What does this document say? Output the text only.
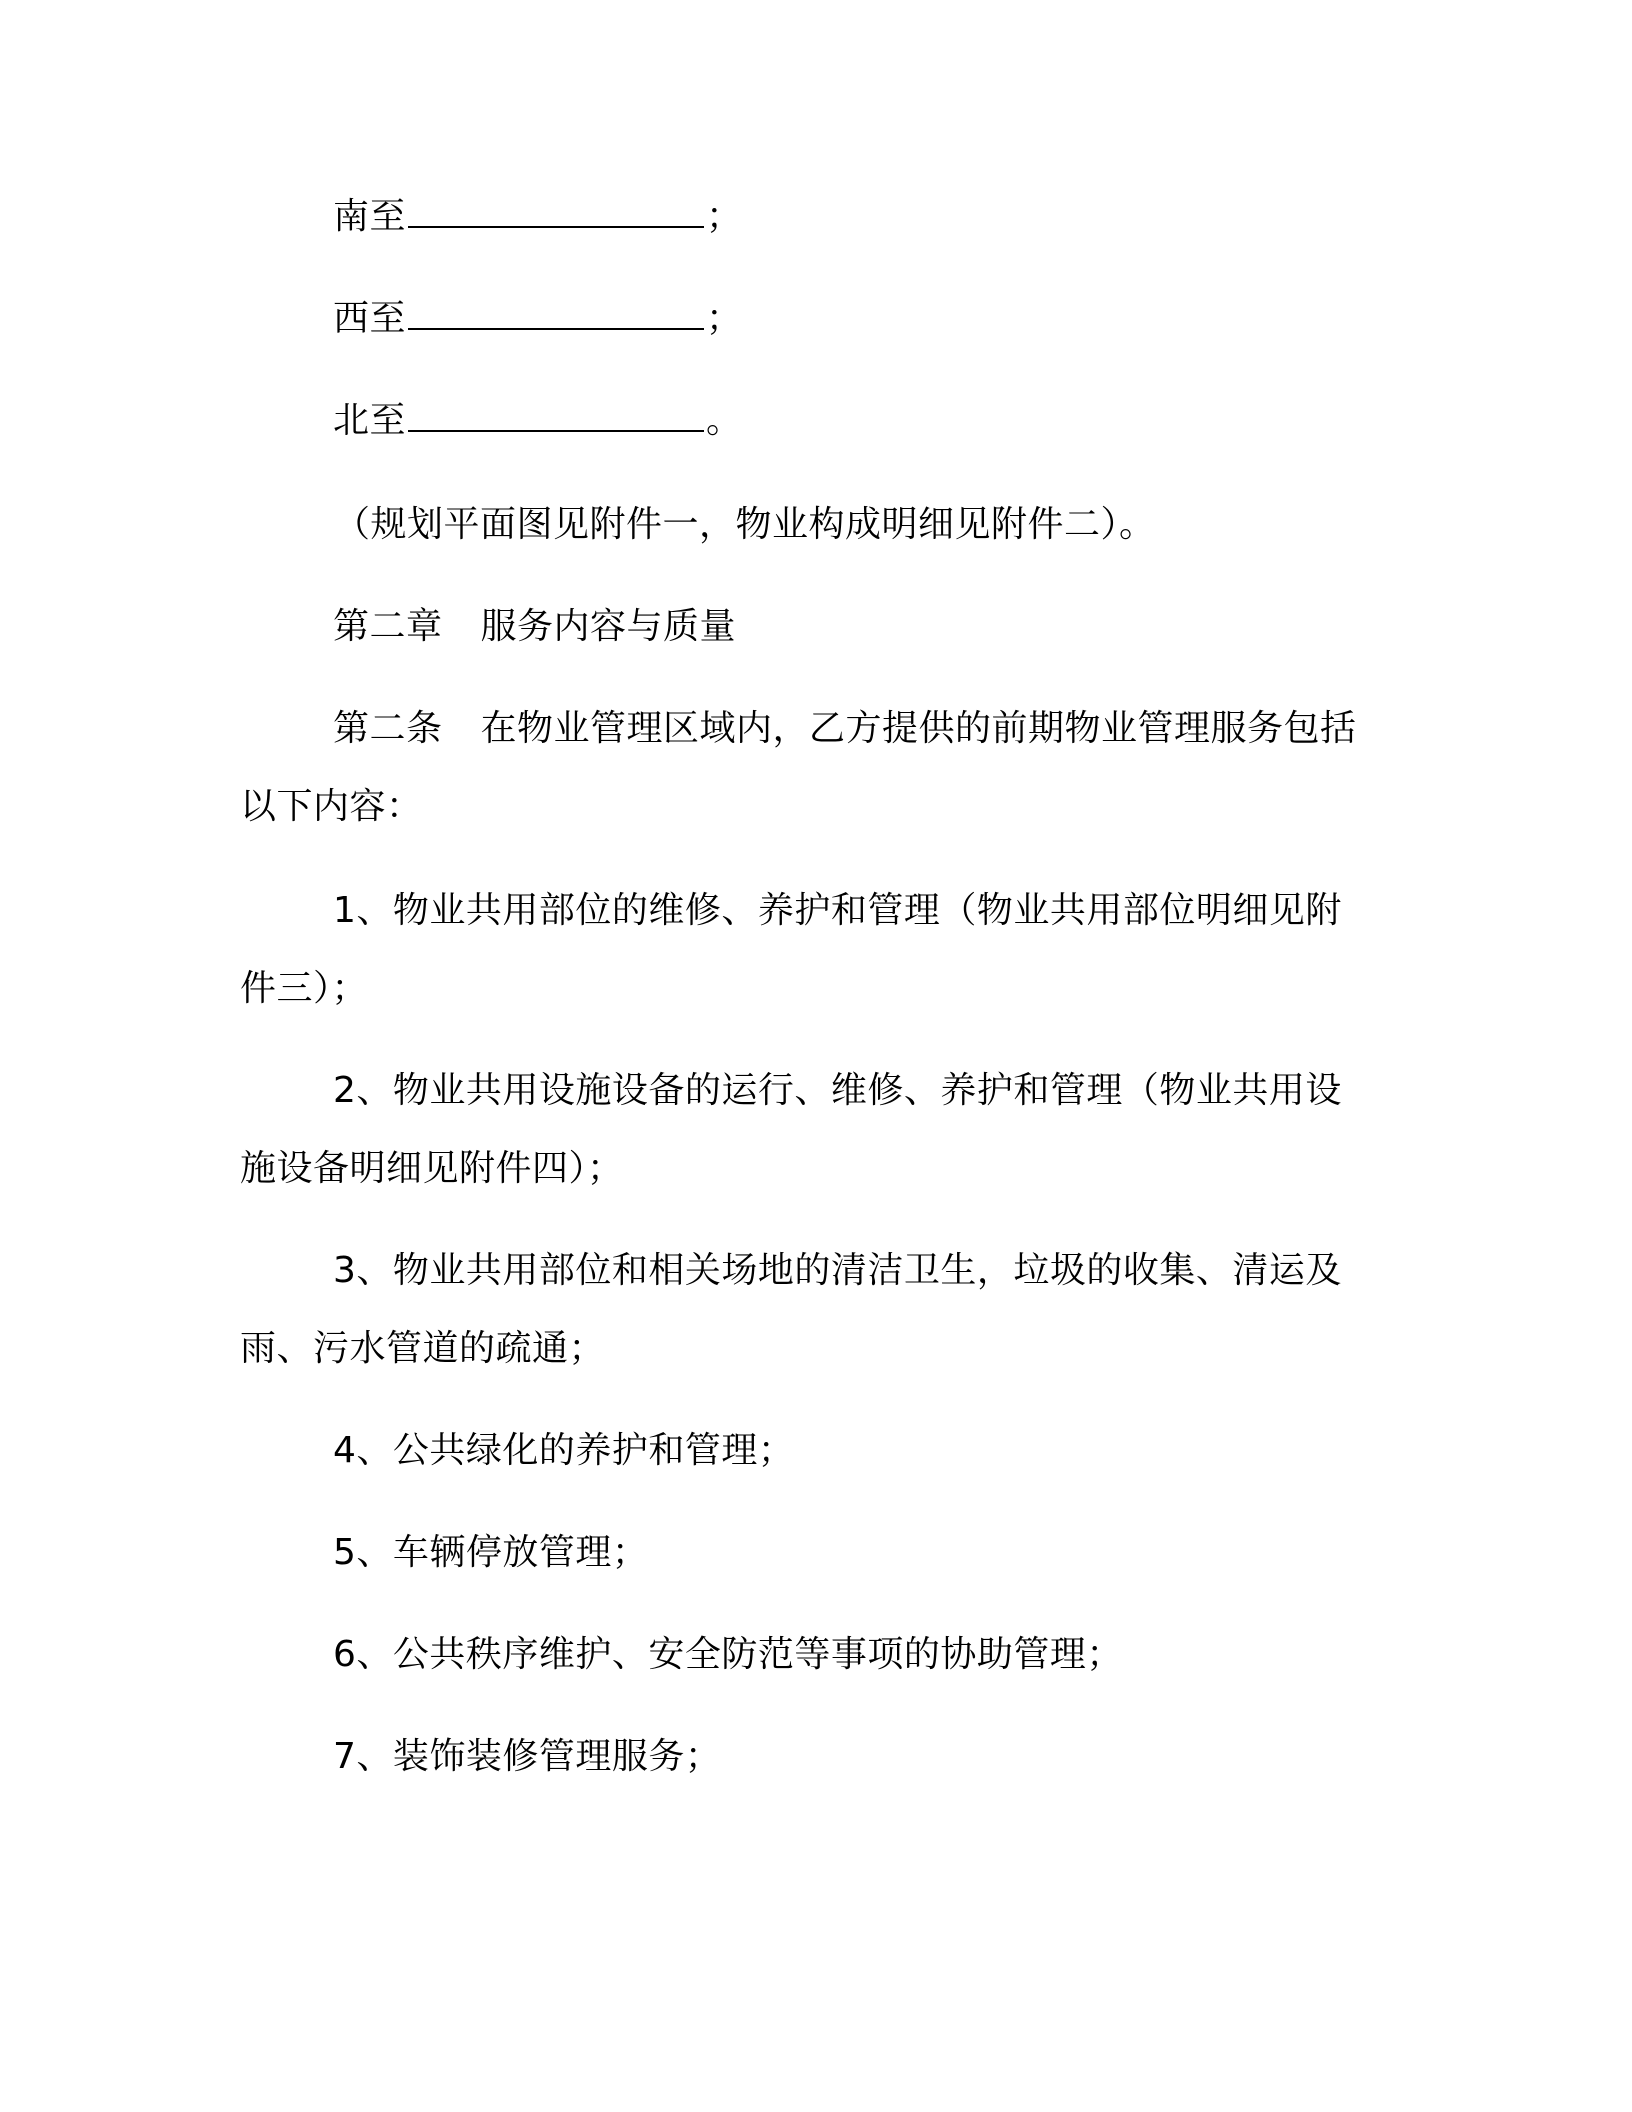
南至	；
西至	；
北至	。
（规划平面图见附件一，物业构成明细见附件二）。
第二章 服务内容与质量
第二条 在物业管理区域内，乙方提供的前期物业管理服务包括
以下内容：
1、物业共用部位的维修、养护和管理（物业共用部位明细见附
件三）；
2、物业共用设施设备的运行、维修、养护和管理（物业共用设
施设备明细见附件四）；
3、物业共用部位和相关场地的清洁卫生，垃圾的收集、清运及
雨、污水管道的疏通；
4、公共绿化的养护和管理；
5、车辆停放管理；
6、公共秩序维护、安全防范等事项的协助管理；
7、装饰装修管理服务；
